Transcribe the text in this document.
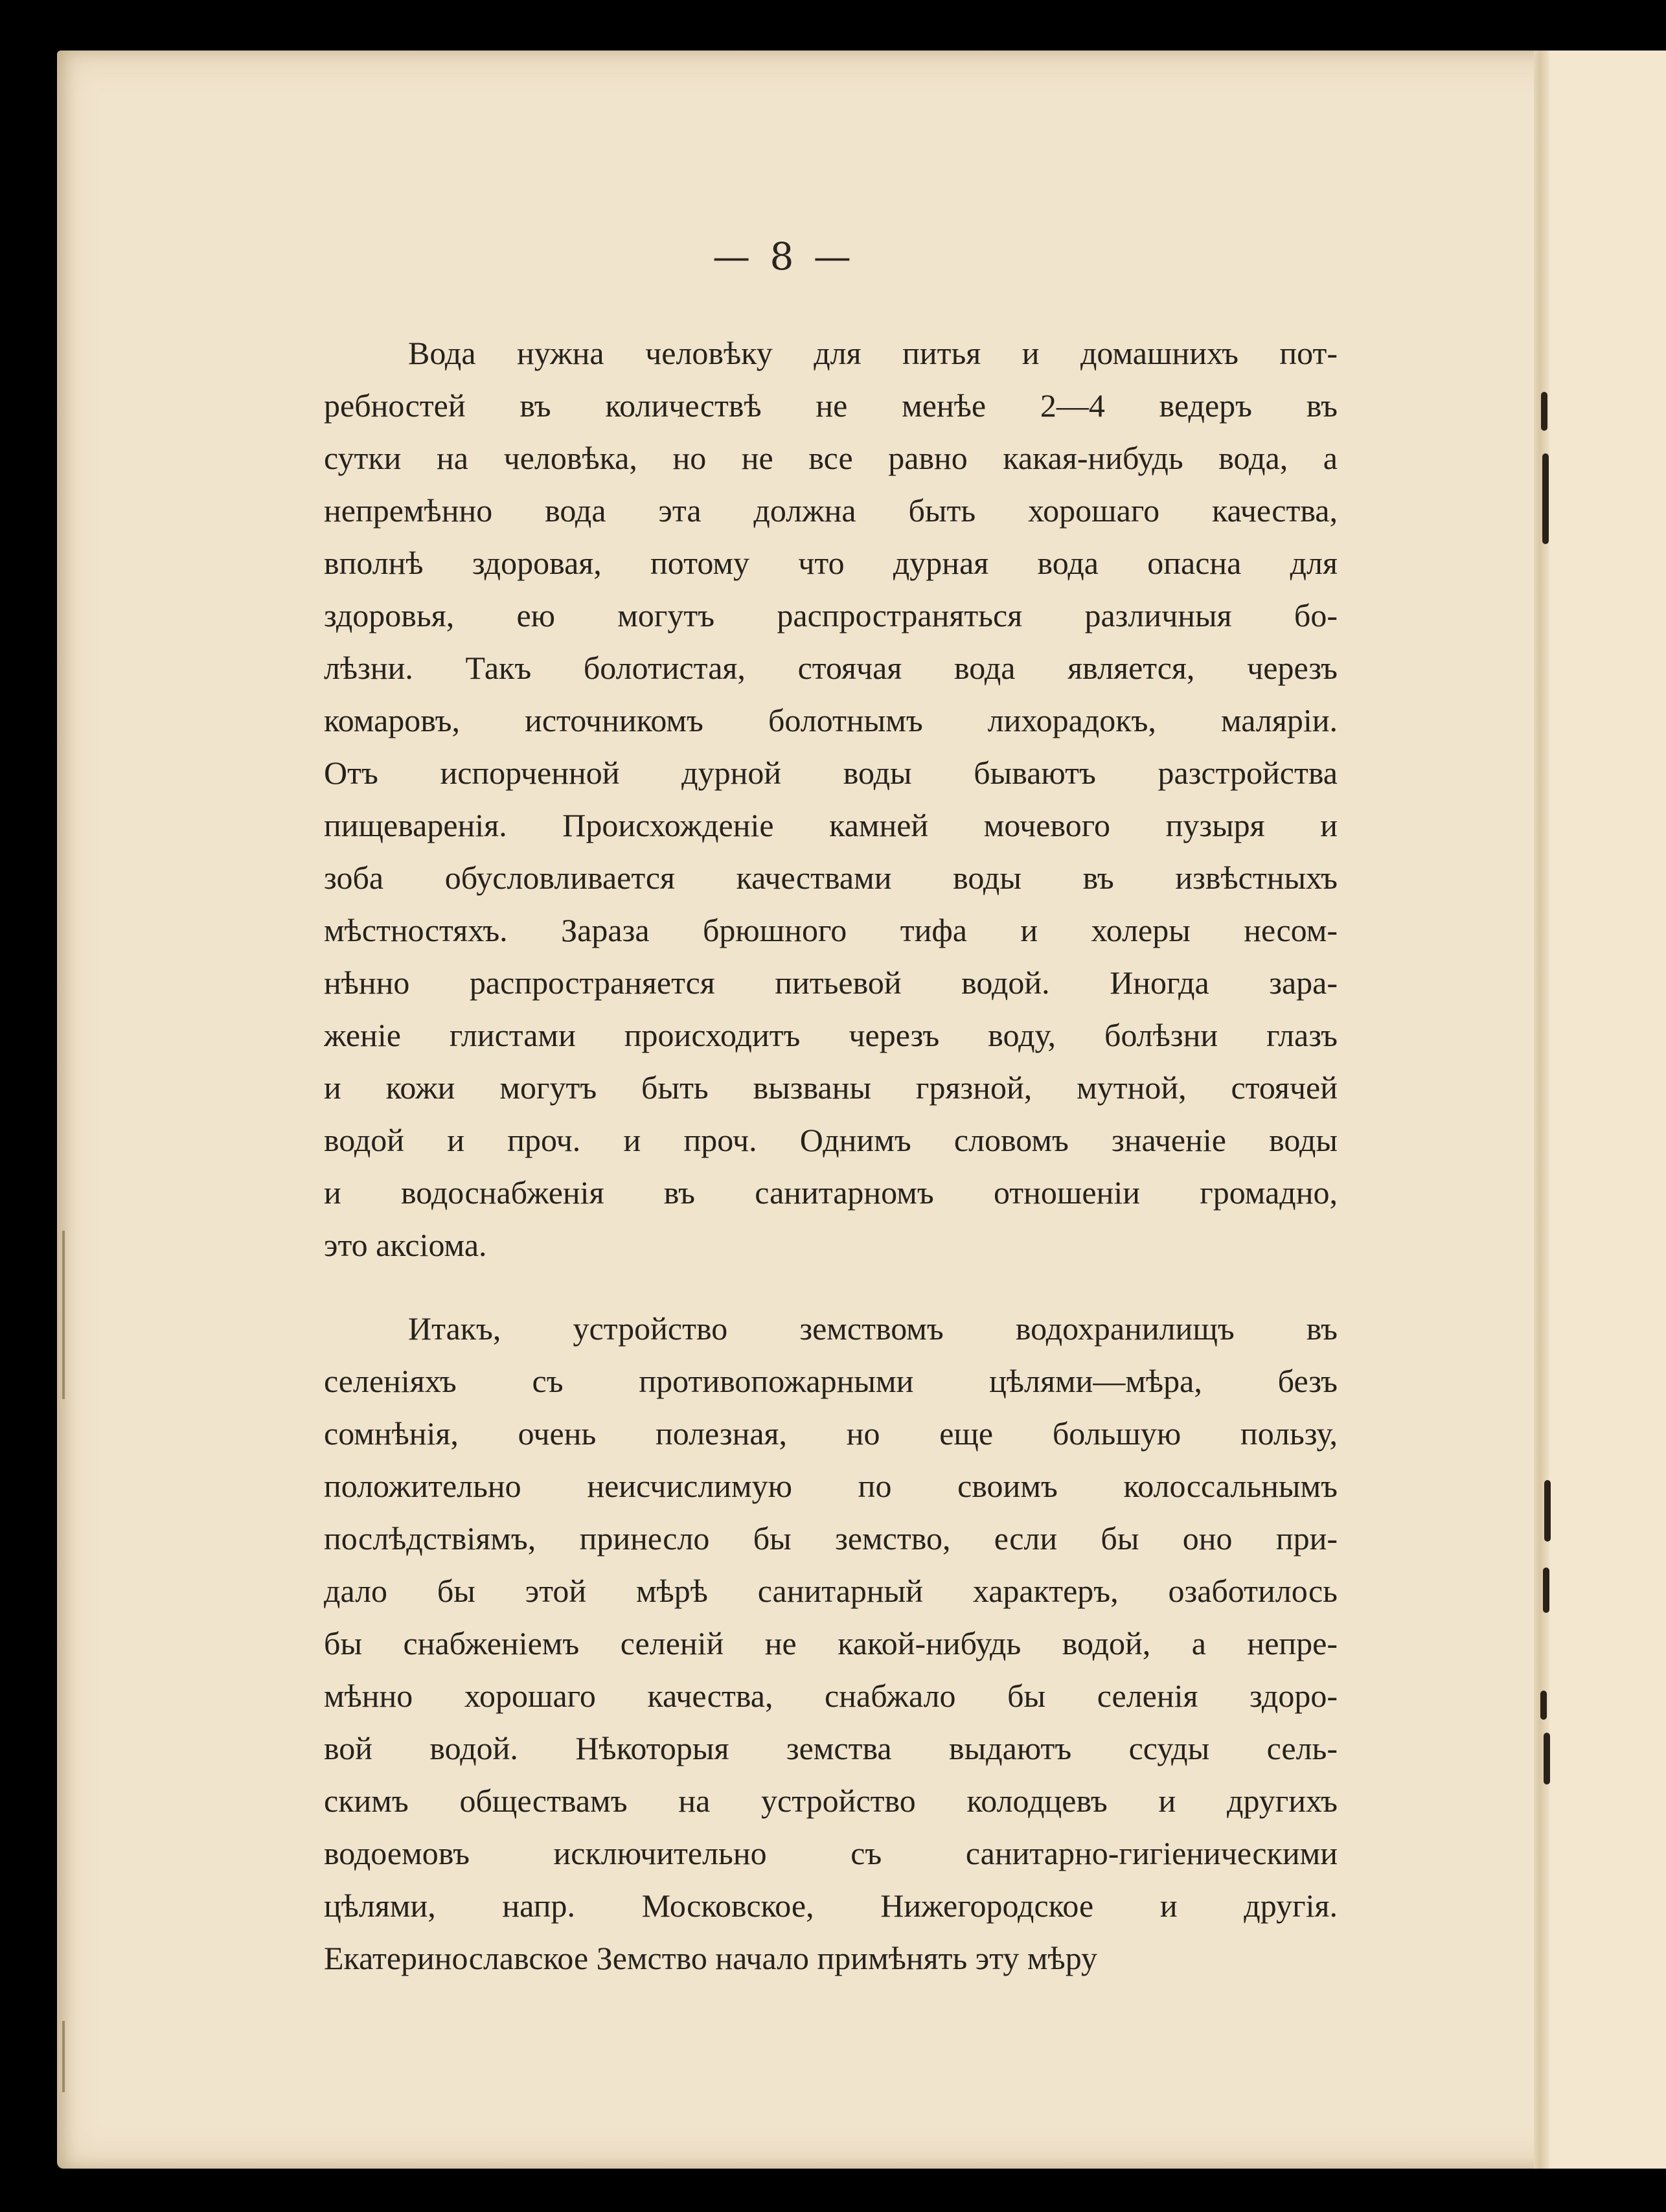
— 8 —
Вода нужна человѣку для питья и домашнихъ пот-
ребностей въ количествѣ не менѣе 2—4 ведеръ въ
сутки на человѣка, но не все равно какая-нибудь вода, а
непремѣнно вода эта должна быть хорошаго качества,
вполнѣ здоровая, потому что дурная вода опасна для
здоровья, ею могутъ распространяться различныя бо-
лѣзни. Такъ болотистая, стоячая вода является, черезъ
комаровъ, источникомъ болотнымъ лихорадокъ, малярiи.
Отъ испорченной дурной воды бываютъ разстройства
пищеваренiя. Происхожденiе камней мочевого пузыря и
зоба обусловливается качествами воды въ извѣстныхъ
мѣстностяхъ. Зараза брюшного тифа и холеры несом-
нѣнно распространяется питьевой водой. Иногда зара-
женiе глистами происходитъ черезъ воду, болѣзни глазъ
и кожи могутъ быть вызваны грязной, мутной, стоячей
водой и проч. и проч. Однимъ словомъ значенiе воды
и водоснабженiя въ санитарномъ отношенiи громадно,
это аксiома.
Итакъ, устройство земствомъ водохранилищъ въ
селенiяхъ съ противопожарными цѣлями—мѣра, безъ
сомнѣнiя, очень полезная, но еще большую пользу,
положительно неисчислимую по своимъ колоссальнымъ
послѣдствiямъ, принесло бы земство, если бы оно при-
дало бы этой мѣрѣ санитарный характеръ, озаботилось
бы снабженiемъ селенiй не какой-нибудь водой, а непре-
мѣнно хорошаго качества, снабжало бы селенiя здоро-
вой водой. Нѣкоторыя земства выдаютъ ссуды сель-
скимъ обществамъ на устройство колодцевъ и другихъ
водоемовъ исключительно съ санитарно-гигiеническими
цѣлями, напр. Московское, Нижегородское и другiя.
Екатеринославское Земство начало примѣнять эту мѣру
